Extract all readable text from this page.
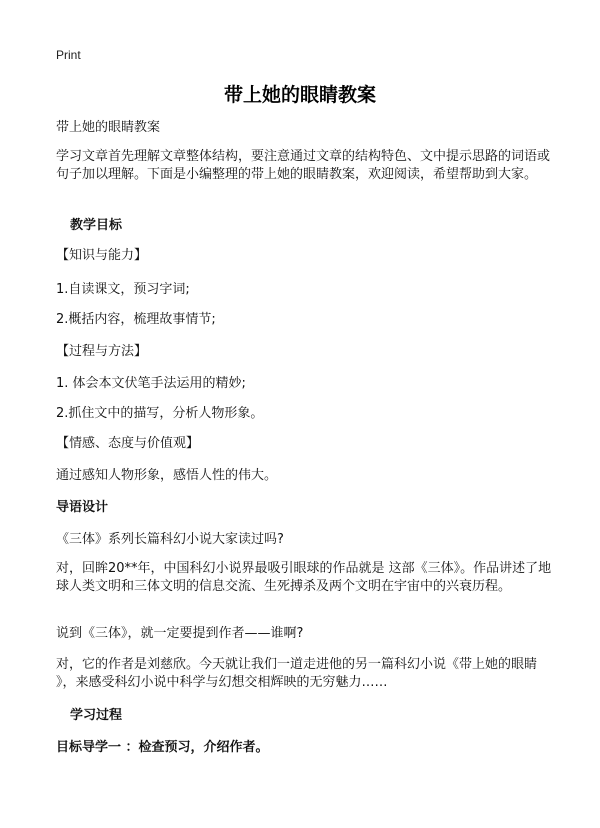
Print
带上她的眼睛教案
带上她的眼睛教案
学习文章首先理解文章整体结构，要注意通过文章的结构特色、文中提示思路的词语或句子加以理解。下面是小编整理的带上她的眼睛教案，欢迎阅读，希望帮助到大家。
教学目标
【知识与能力】
1.自读课文，预习字词;
2.概括内容，梳理故事情节;
【过程与方法】
1. 体会本文伏笔手法运用的精妙;
2.抓住文中的描写，分析人物形象。
【情感、态度与价值观】
通过感知人物形象，感悟人性的伟大。
导语设计
《三体》系列长篇科幻小说大家读过吗?
对，回眸20**年，中国科幻小说界最吸引眼球的作品就是 这部《三体》。作品讲述了地球人类文明和三体文明的信息交流、生死搏杀及两个文明在宇宙中的兴衰历程。
说到《三体》，就一定要提到作者——谁啊?
对，它的作者是刘慈欣。今天就让我们一道走进他的另一篇科幻小说《带上她的眼睛 》，来感受科幻小说中科学与幻想交相辉映的无穷魅力……
学习过程
目标导学一 ：检查预习，介绍作者。
